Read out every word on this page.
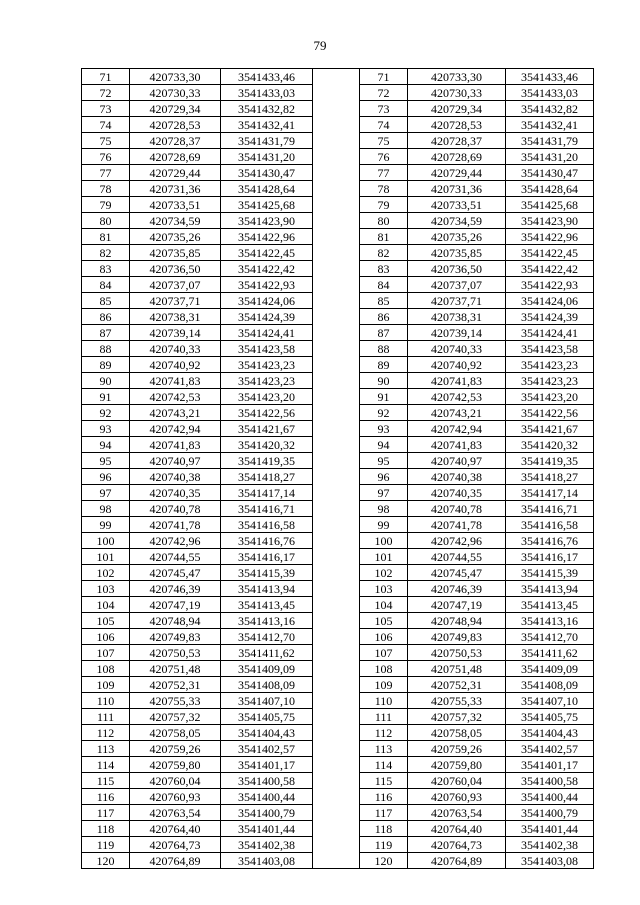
79
71	420733,30	3541433,46		71	420733,30	3541433,46
72	420730,33	3541433,03		72	420730,33	3541433,03
73	420729,34	3541432,82		73	420729,34	3541432,82
74	420728,53	3541432,41		74	420728,53	3541432,41
75	420728,37	3541431,79		75	420728,37	3541431,79
76	420728,69	3541431,20		76	420728,69	3541431,20
77	420729,44	3541430,47		77	420729,44	3541430,47
78	420731,36	3541428,64		78	420731,36	3541428,64
79	420733,51	3541425,68		79	420733,51	3541425,68
80	420734,59	3541423,90		80	420734,59	3541423,90
81	420735,26	3541422,96		81	420735,26	3541422,96
82	420735,85	3541422,45		82	420735,85	3541422,45
83	420736,50	3541422,42		83	420736,50	3541422,42
84	420737,07	3541422,93		84	420737,07	3541422,93
85	420737,71	3541424,06		85	420737,71	3541424,06
86	420738,31	3541424,39		86	420738,31	3541424,39
87	420739,14	3541424,41		87	420739,14	3541424,41
88	420740,33	3541423,58		88	420740,33	3541423,58
89	420740,92	3541423,23		89	420740,92	3541423,23
90	420741,83	3541423,23		90	420741,83	3541423,23
91	420742,53	3541423,20		91	420742,53	3541423,20
92	420743,21	3541422,56		92	420743,21	3541422,56
93	420742,94	3541421,67		93	420742,94	3541421,67
94	420741,83	3541420,32		94	420741,83	3541420,32
95	420740,97	3541419,35		95	420740,97	3541419,35
96	420740,38	3541418,27		96	420740,38	3541418,27
97	420740,35	3541417,14		97	420740,35	3541417,14
98	420740,78	3541416,71		98	420740,78	3541416,71
99	420741,78	3541416,58		99	420741,78	3541416,58
100	420742,96	3541416,76		100	420742,96	3541416,76
101	420744,55	3541416,17		101	420744,55	3541416,17
102	420745,47	3541415,39		102	420745,47	3541415,39
103	420746,39	3541413,94		103	420746,39	3541413,94
104	420747,19	3541413,45		104	420747,19	3541413,45
105	420748,94	3541413,16		105	420748,94	3541413,16
106	420749,83	3541412,70		106	420749,83	3541412,70
107	420750,53	3541411,62		107	420750,53	3541411,62
108	420751,48	3541409,09		108	420751,48	3541409,09
109	420752,31	3541408,09		109	420752,31	3541408,09
110	420755,33	3541407,10		110	420755,33	3541407,10
111	420757,32	3541405,75		111	420757,32	3541405,75
112	420758,05	3541404,43		112	420758,05	3541404,43
113	420759,26	3541402,57		113	420759,26	3541402,57
114	420759,80	3541401,17		114	420759,80	3541401,17
115	420760,04	3541400,58		115	420760,04	3541400,58
116	420760,93	3541400,44		116	420760,93	3541400,44
117	420763,54	3541400,79		117	420763,54	3541400,79
118	420764,40	3541401,44		118	420764,40	3541401,44
119	420764,73	3541402,38		119	420764,73	3541402,38
120	420764,89	3541403,08		120	420764,89	3541403,08
